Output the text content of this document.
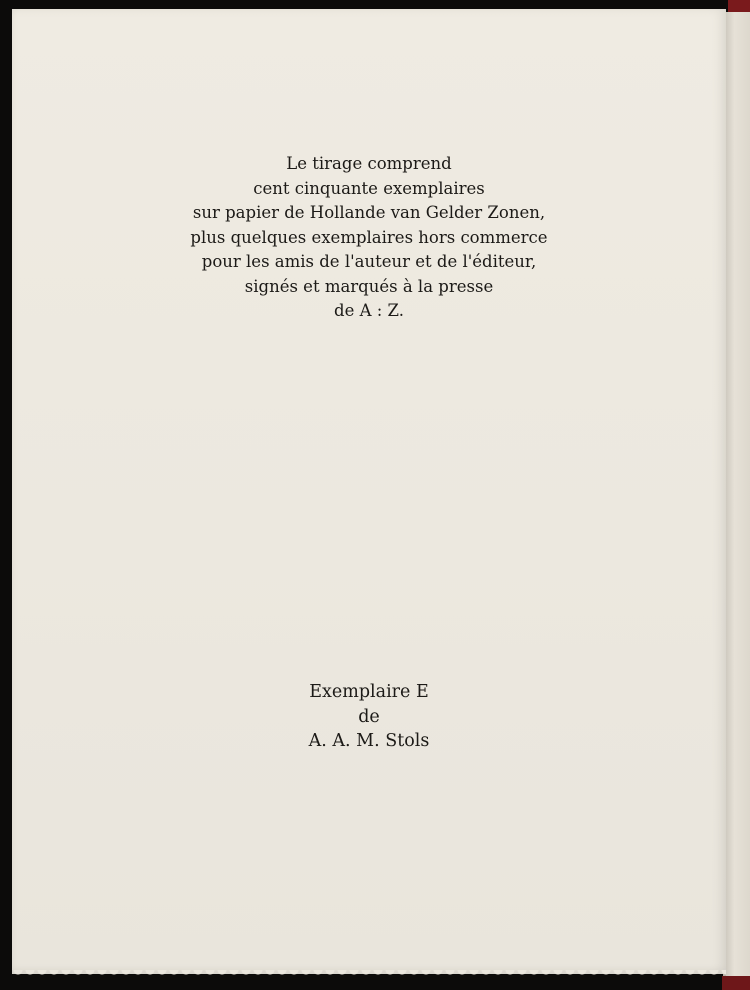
Le tirage comprend
cent cinquante exemplaires
sur papier de Hollande van Gelder Zonen,
plus quelques exemplaires hors commerce
pour les amis de l'auteur et de l'éditeur,
signés et marqués à la presse
de A : Z.
Exemplaire E
de
A. A. M. Stols
